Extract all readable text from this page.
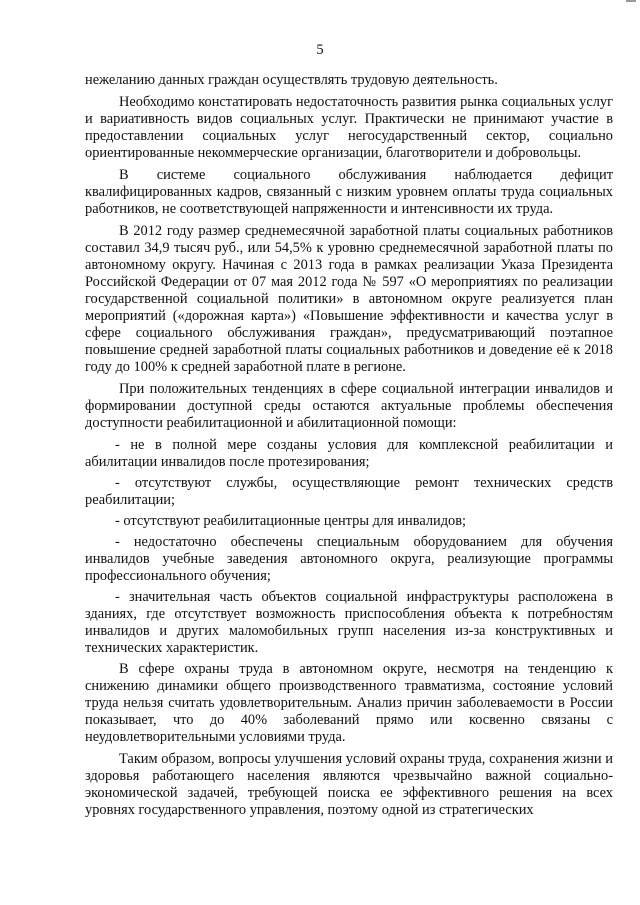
5

нежеланию данных граждан осуществлять трудовую деятельность.

Необходимо констатировать недостаточность развития рынка социальных услуг и вариативность видов социальных услуг. Практически не принимают участие в предоставлении социальных услуг негосударственный сектор, социально ориентированные некоммерческие организации, благотворители и добровольцы.

В системе социального обслуживания наблюдается дефицит квалифицированных кадров, связанный с низким уровнем оплаты труда социальных работников, не соответствующей напряженности и интенсивности их труда.

В 2012 году размер среднемесячной заработной платы социальных работников составил 34,9 тысяч руб., или 54,5% к уровню среднемесячной заработной платы по автономному округу. Начиная с 2013 года в рамках реализации Указа Президента Российской Федерации от 07 мая 2012 года № 597 «О мероприятиях по реализации государственной социальной политики» в автономном округе реализуется план мероприятий («дорожная карта») «Повышение эффективности и качества услуг в сфере социального обслуживания граждан», предусматривающий поэтапное повышение средней заработной платы социальных работников и доведение её к 2018 году до 100% к средней заработной плате в регионе.

При положительных тенденциях в сфере социальной интеграции инвалидов и формировании доступной среды остаются актуальные проблемы обеспечения доступности реабилитационной и абилитационной помощи:

- не в полной мере созданы условия для комплексной реабилитации и абилитации инвалидов после протезирования;

- отсутствуют службы, осуществляющие ремонт технических средств реабилитации;

- отсутствуют реабилитационные центры для инвалидов;

- недостаточно обеспечены специальным оборудованием для обучения инвалидов учебные заведения автономного округа, реализующие программы профессионального обучения;

- значительная часть объектов социальной инфраструктуры расположена в зданиях, где отсутствует возможность приспособления объекта к потребностям инвалидов и других маломобильных групп населения из-за конструктивных и технических характеристик.

В сфере охраны труда в автономном округе, несмотря на тенденцию к снижению динамики общего производственного травматизма, состояние условий труда нельзя считать удовлетворительным. Анализ причин заболеваемости в России показывает, что до 40% заболеваний прямо или косвенно связаны с неудовлетворительными условиями труда.

Таким образом, вопросы улучшения условий охраны труда, сохранения жизни и здоровья работающего населения являются чрезвычайно важной социально-экономической задачей, требующей поиска ее эффективного решения на всех уровнях государственного управления, поэтому одной из стратегических
